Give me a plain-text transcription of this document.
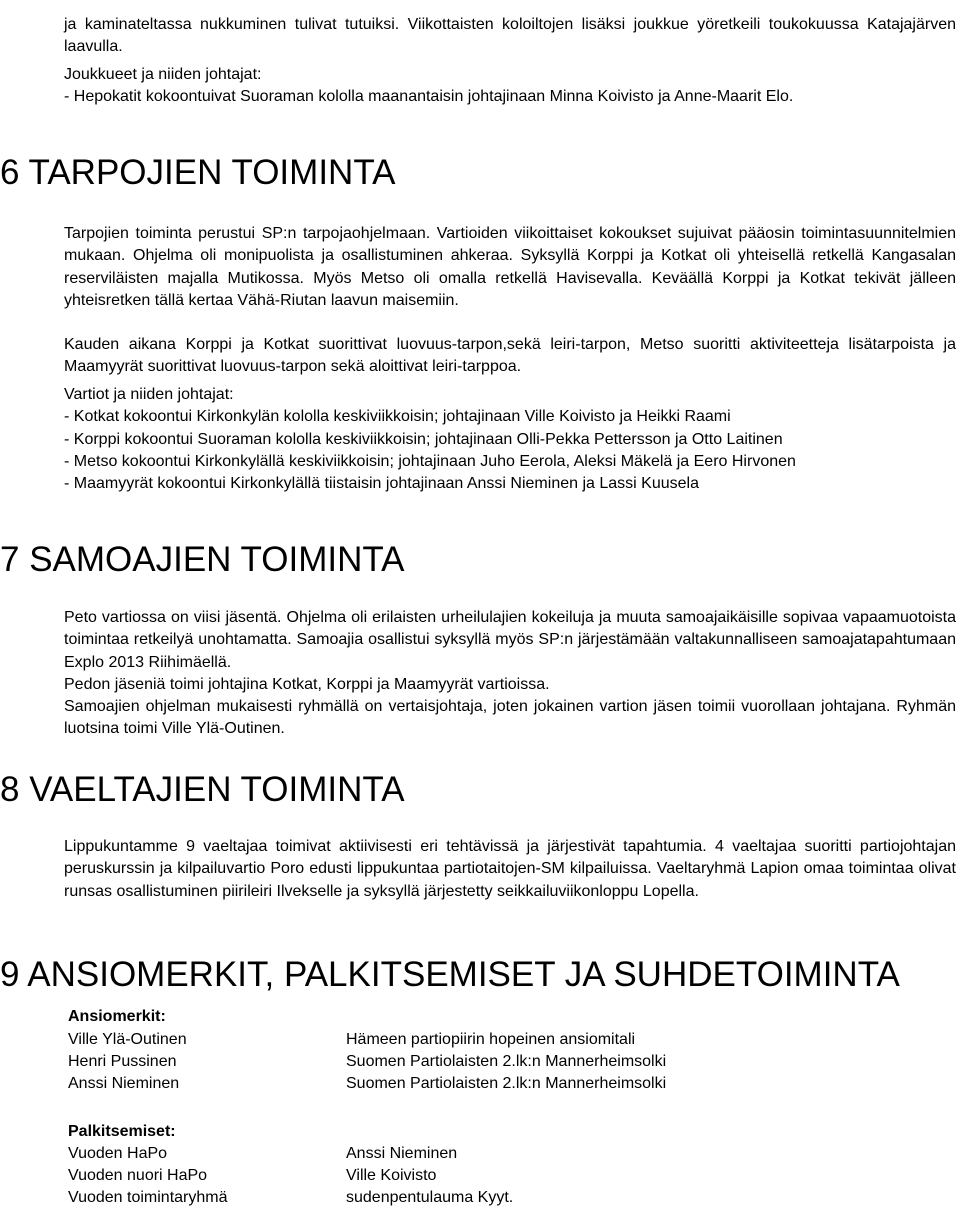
ja kaminateltassa nukkuminen tulivat tutuiksi. Viikottaisten koloiltojen lisäksi joukkue yöretkeili toukokuussa Katajajärven laavulla.

Joukkueet ja niiden johtajat:
- Hepokatit kokoontuivat Suoraman kololla maanantaisin johtajinaan Minna Koivisto ja Anne-Maarit Elo.
6 TARPOJIEN TOIMINTA

Tarpojien toiminta perustui SP:n tarpojaohjelmaan. Vartioiden viikoittaiset kokoukset sujuivat pääosin toimintasuunnitelmien mukaan. Ohjelma oli monipuolista ja osallistuminen ahkeraa. Syksyllä Korppi ja Kotkat oli yhteisellä retkellä Kangasalan reserviläisten majalla Mutikossa. Myös Metso oli omalla retkellä Havisevalla. Keväällä Korppi ja Kotkat tekivät jälleen yhteisretken tällä kertaa Vähä-Riutan laavun maisemiin.

Kauden aikana Korppi ja Kotkat suorittivat luovuus-tarpon,sekä leiri-tarpon, Metso suoritti aktiviteetteja lisätarpoista ja Maamyyrät suorittivat luovuus-tarpon sekä aloittivat leiri-tarppoa.

Vartiot ja niiden johtajat:
- Kotkat kokoontui Kirkonkylän kololla keskiviikkoisin; johtajinaan Ville Koivisto ja Heikki Raami
- Korppi kokoontui Suoraman kololla keskiviikkoisin; johtajinaan Olli-Pekka Pettersson ja Otto Laitinen
- Metso kokoontui Kirkonkylällä keskiviikkoisin; johtajinaan Juho Eerola, Aleksi Mäkelä ja Eero Hirvonen
- Maamyyrät kokoontui Kirkonkylällä tiistaisin johtajinaan Anssi Nieminen ja Lassi Kuusela
7 SAMOAJIEN TOIMINTA

Peto vartiossa on viisi jäsentä. Ohjelma oli erilaisten urheilulajien kokeiluja ja muuta samoajaikäisille sopivaa vapaamuotoista toimintaa retkeilyä unohtamatta. Samoajia osallistui syksyllä myös SP:n järjestämään valtakunnalliseen samoajatapahtumaan Explo 2013 Riihimäellä.

Pedon jäseniä toimi johtajina Kotkat, Korppi ja Maamyyrät vartioissa.

Samoajien ohjelman mukaisesti ryhmällä on vertaisjohtaja, joten jokainen vartion jäsen toimii vuorollaan johtajana. Ryhmän luotsina toimi Ville Ylä-Outinen.

8 VAELTAJIEN TOIMINTA

Lippukuntamme 9 vaeltajaa toimivat aktiivisesti eri tehtävissä ja järjestivät tapahtumia. 4 vaeltajaa suoritti partiojohtajan peruskurssin ja kilpailuvartio Poro edusti lippukuntaa partiotaitojen-SM kilpailuissa. Vaeltaryhmä Lapion omaa toimintaa olivat runsas osallistuminen piirileiri Ilvekselle ja syksyllä järjestetty seikkailuviikonloppu Lopella.

9 ANSIOMERKIT, PALKITSEMISET JA SUHDETOIMINTA
Ansiomerkit:
Ville Ylä-Outinen	Hämeen partiopiirin hopeinen ansiomitali
Henri Pussinen	Suomen Partiolaisten 2.lk:n Mannerheimsolki
Anssi Nieminen	Suomen Partiolaisten 2.lk:n Mannerheimsolki
Palkitsemiset:
Vuoden HaPo	Anssi Nieminen
Vuoden nuori HaPo	Ville Koivisto
Vuoden toimintaryhmä	sudenpentulauma Kyyt.
